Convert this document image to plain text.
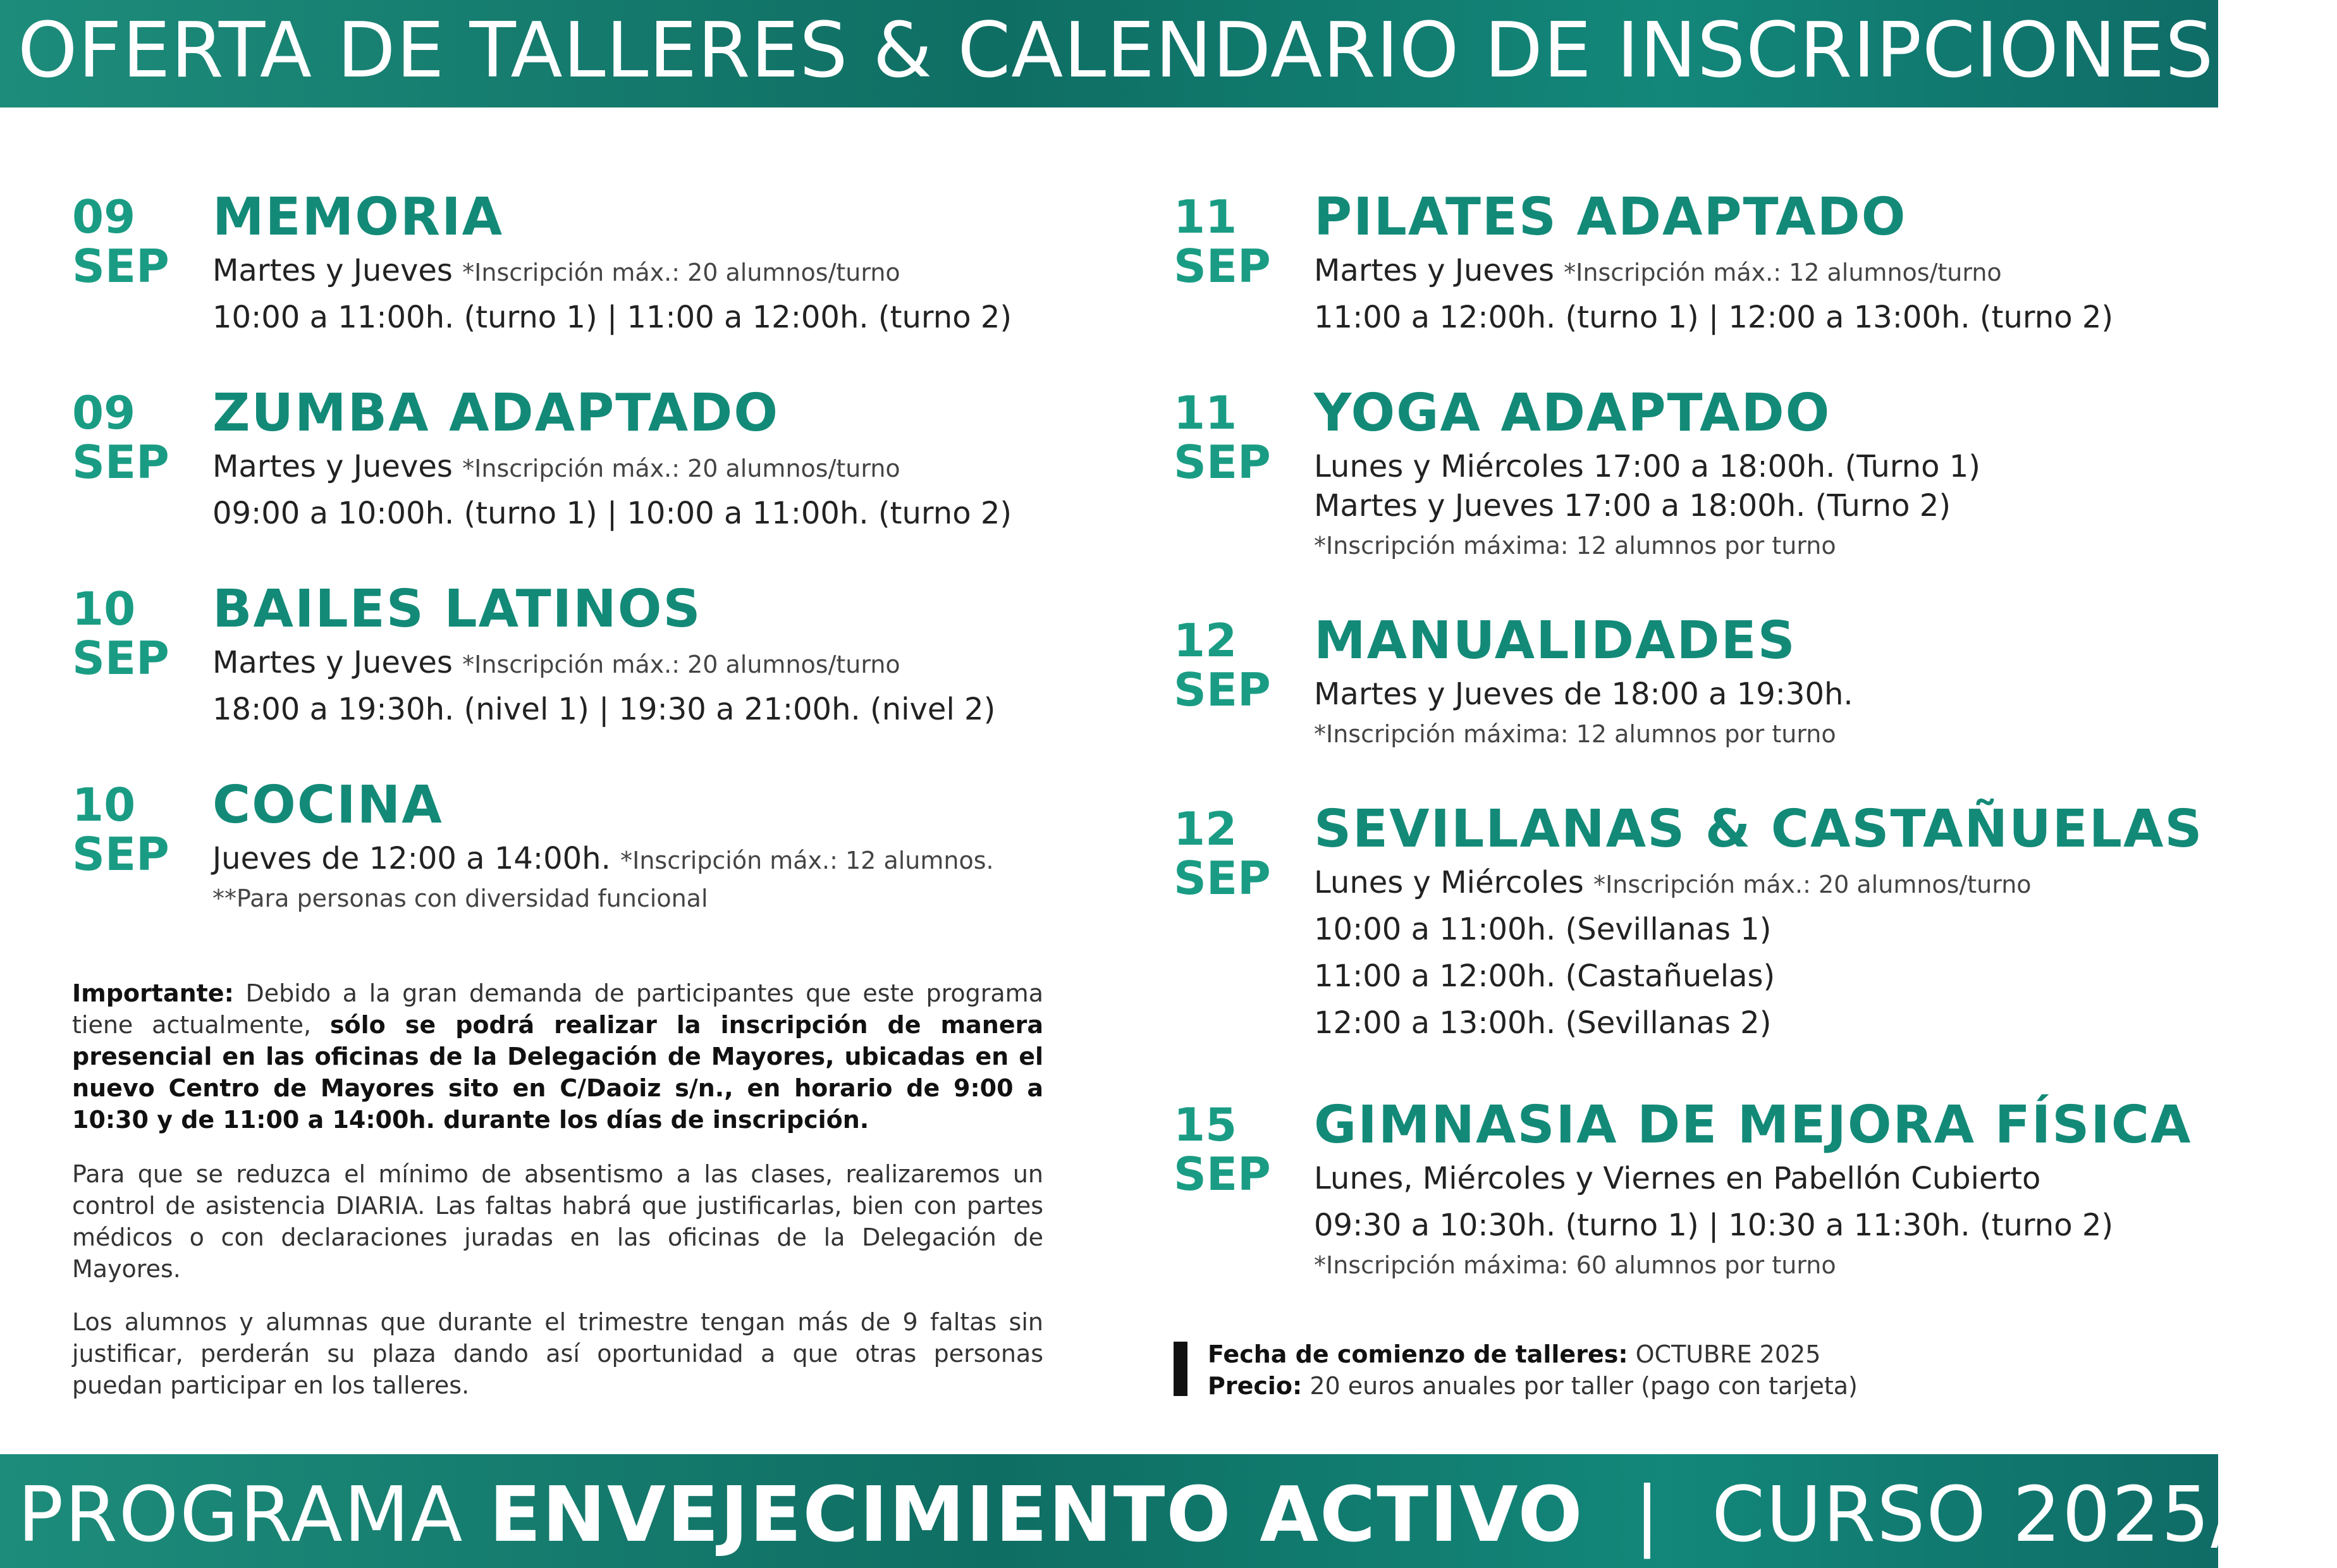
OFERTA DE TALLERES & CALENDARIO DE INSCRIPCIONES
09
SEP
MEMORIA
Martes y Jueves *Inscripción máx.: 20 alumnos/turno
10:00 a 11:00h. (turno 1) | 11:00 a 12:00h. (turno 2)
09
SEP
ZUMBA ADAPTADO
Martes y Jueves *Inscripción máx.: 20 alumnos/turno
09:00 a 10:00h. (turno 1) | 10:00 a 11:00h. (turno 2)
10
SEP
BAILES LATINOS
Martes y Jueves *Inscripción máx.: 20 alumnos/turno
18:00 a 19:30h. (nivel 1) | 19:30 a 21:00h. (nivel 2)
10
SEP
COCINA
Jueves de 12:00 a 14:00h. *Inscripción máx.: 12 alumnos.
**Para personas con diversidad funcional
Importante: Debido a la gran demanda de participantes que este programa tiene actualmente, sólo se podrá realizar la inscripción de manera presencial en las oficinas de la Delegación de Mayores, ubicadas en el nuevo Centro de Mayores sito en C/Daoiz s/n., en horario de 9:00 a 10:30 y de 11:00 a 14:00h. durante los días de inscripción.
Para que se reduzca el mínimo de absentismo a las clases, realizaremos un control de asistencia DIARIA. Las faltas habrá que justificarlas, bien con partes médicos o con declaraciones juradas en las oficinas de la Delegación de Mayores.
Los alumnos y alumnas que durante el trimestre tengan más de 9 faltas sin justificar, perderán su plaza dando así oportunidad a que otras personas puedan participar en los talleres.
11
SEP
PILATES ADAPTADO
Martes y Jueves *Inscripción máx.: 12 alumnos/turno
11:00 a 12:00h. (turno 1) | 12:00 a 13:00h. (turno 2)
11
SEP
YOGA ADAPTADO
Lunes y Miércoles 17:00 a 18:00h. (Turno 1)
Martes y Jueves 17:00 a 18:00h. (Turno 2)
*Inscripción máxima: 12 alumnos por turno
12
SEP
MANUALIDADES
Martes y Jueves de 18:00 a 19:30h.
*Inscripción máxima: 12 alumnos por turno
12
SEP
SEVILLANAS & CASTAÑUELAS
Lunes y Miércoles *Inscripción máx.: 20 alumnos/turno
10:00 a 11:00h. (Sevillanas 1)
11:00 a 12:00h. (Castañuelas)
12:00 a 13:00h. (Sevillanas 2)
15
SEP
GIMNASIA DE MEJORA FÍSICA
Lunes, Miércoles y Viernes en Pabellón Cubierto
09:30 a 10:30h. (turno 1) | 10:30 a 11:30h. (turno 2)
*Inscripción máxima: 60 alumnos por turno
Fecha de comienzo de talleres: OCTUBRE 2025
Precio: 20 euros anuales por taller (pago con tarjeta)
PROGRAMA ENVEJECIMIENTO ACTIVO | CURSO 2025/26
